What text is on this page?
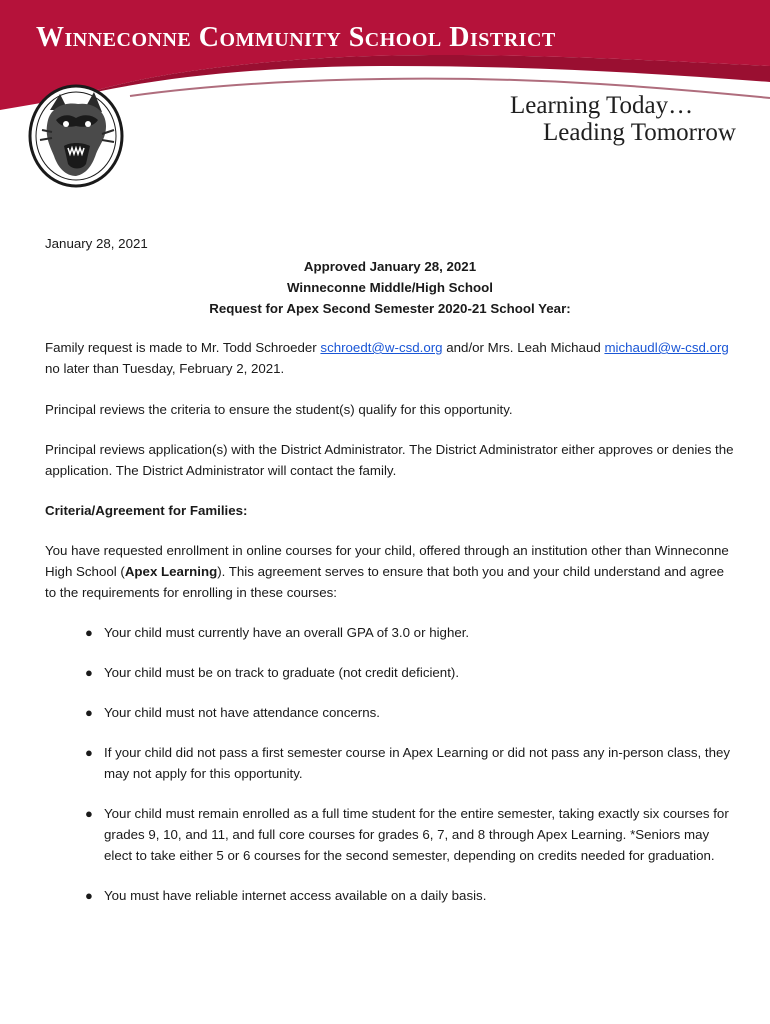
Winneconne Community School District
Learning Today…
Leading Tomorrow

January 28, 2021

Approved January 28, 2021
Winneconne Middle/High School
Request for Apex Second Semester 2020-21 School Year:

Family request is made to Mr. Todd Schroeder schroedt@w-csd.org and/or Mrs. Leah Michaud michaudl@w-csd.org no later than Tuesday, February 2, 2021.

Principal reviews the criteria to ensure the student(s) qualify for this opportunity.

Principal reviews application(s) with the District Administrator. The District Administrator either approves or denies the application. The District Administrator will contact the family.

Criteria/Agreement for Families:

You have requested enrollment in online courses for your child, offered through an institution other than Winneconne High School (Apex Learning). This agreement serves to ensure that both you and your child understand and agree to the requirements for enrolling in these courses:

● Your child must currently have an overall GPA of 3.0 or higher.
● Your child must be on track to graduate (not credit deficient).
● Your child must not have attendance concerns.
● If your child did not pass a first semester course in Apex Learning or did not pass any in-person class, they may not apply for this opportunity.
● Your child must remain enrolled as a full time student for the entire semester, taking exactly six courses for grades 9, 10, and 11, and full core courses for grades 6, 7, and 8 through Apex Learning. *Seniors may elect to take either 5 or 6 courses for the second semester, depending on credits needed for graduation.
● You must have reliable internet access available on a daily basis.
